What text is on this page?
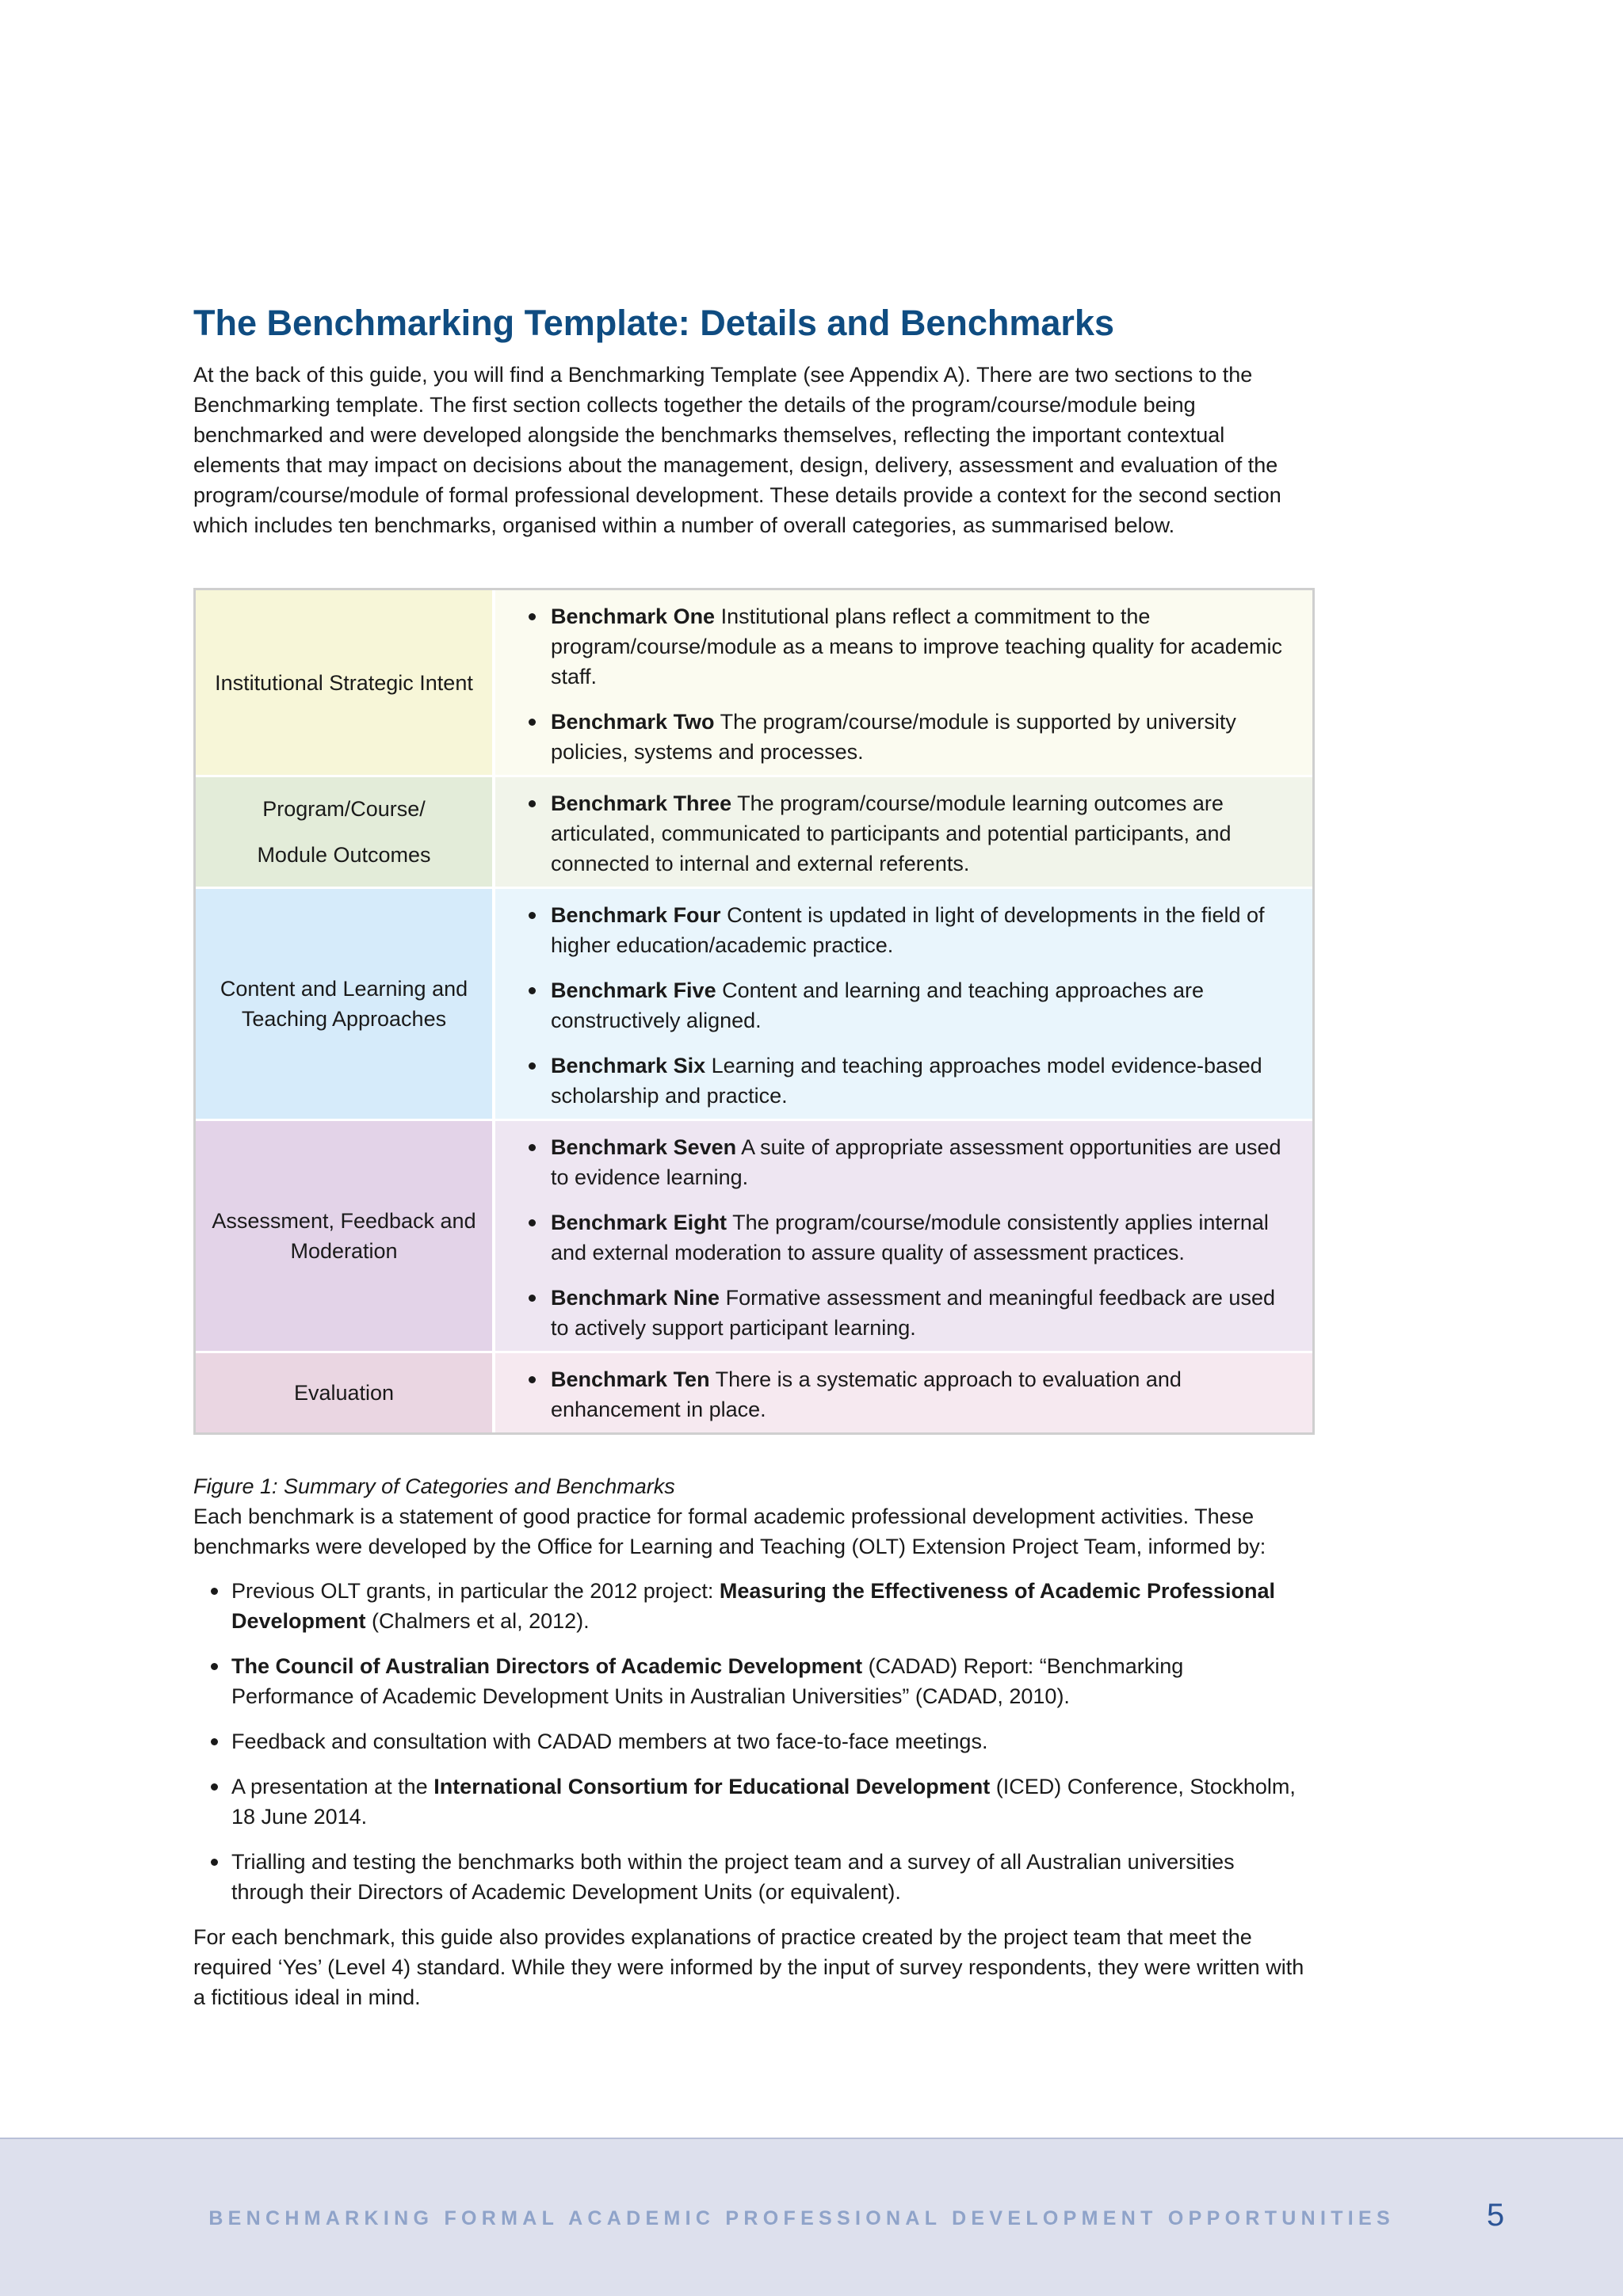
The Benchmarking Template: Details and Benchmarks

At the back of this guide, you will find a Benchmarking Template (see Appendix A). There are two sections to the Benchmarking template. The first section collects together the details of the program/course/module being benchmarked and were developed alongside the benchmarks themselves, reflecting the important contextual elements that may impact on decisions about the management, design, delivery, assessment and evaluation of the program/course/module of formal professional development. These details provide a context for the second section which includes ten benchmarks, organised within a number of overall categories, as summarised below.

Institutional Strategic Intent
Benchmark One Institutional plans reflect a commitment to the program/course/module as a means to improve teaching quality for academic staff.
Benchmark Two The program/course/module is supported by university policies, systems and processes.
Program/Course/
Module Outcomes
Benchmark Three The program/course/module learning outcomes are articulated, communicated to participants and potential participants, and connected to internal and external referents.
Content and Learning and Teaching Approaches
Benchmark Four Content is updated in light of developments in the field of higher education/academic practice.
Benchmark Five Content and learning and teaching approaches are constructively aligned.
Benchmark Six Learning and teaching approaches model evidence-based scholarship and practice.
Assessment, Feedback and Moderation
Benchmark Seven A suite of appropriate assessment opportunities are used to evidence learning.
Benchmark Eight The program/course/module consistently applies internal and external moderation to assure quality of assessment practices.
Benchmark Nine Formative assessment and meaningful feedback are used to actively support participant learning.
Evaluation
Benchmark Ten There is a systematic approach to evaluation and enhancement in place.
Figure 1: Summary of Categories and Benchmarks

Each benchmark is a statement of good practice for formal academic professional development activities. These benchmarks were developed by the Office for Learning and Teaching (OLT) Extension Project Team, informed by:

Previous OLT grants, in particular the 2012 project: Measuring the Effectiveness of Academic Professional Development (Chalmers et al, 2012).
The Council of Australian Directors of Academic Development (CADAD) Report: “Benchmarking Performance of Academic Development Units in Australian Universities” (CADAD, 2010).
Feedback and consultation with CADAD members at two face-to-face meetings.
A presentation at the International Consortium for Educational Development (ICED) Conference, Stockholm, 18 June 2014.
Trialling and testing the benchmarks both within the project team and a survey of all Australian universities through their Directors of Academic Development Units (or equivalent).

For each benchmark, this guide also provides explanations of practice created by the project team that meet the required ‘Yes’ (Level 4) standard. While they were informed by the input of survey respondents, they were written with a fictitious ideal in mind.

BENCHMARKING FORMAL ACADEMIC PROFESSIONAL DEVELOPMENT OPPORTUNITIES	5
